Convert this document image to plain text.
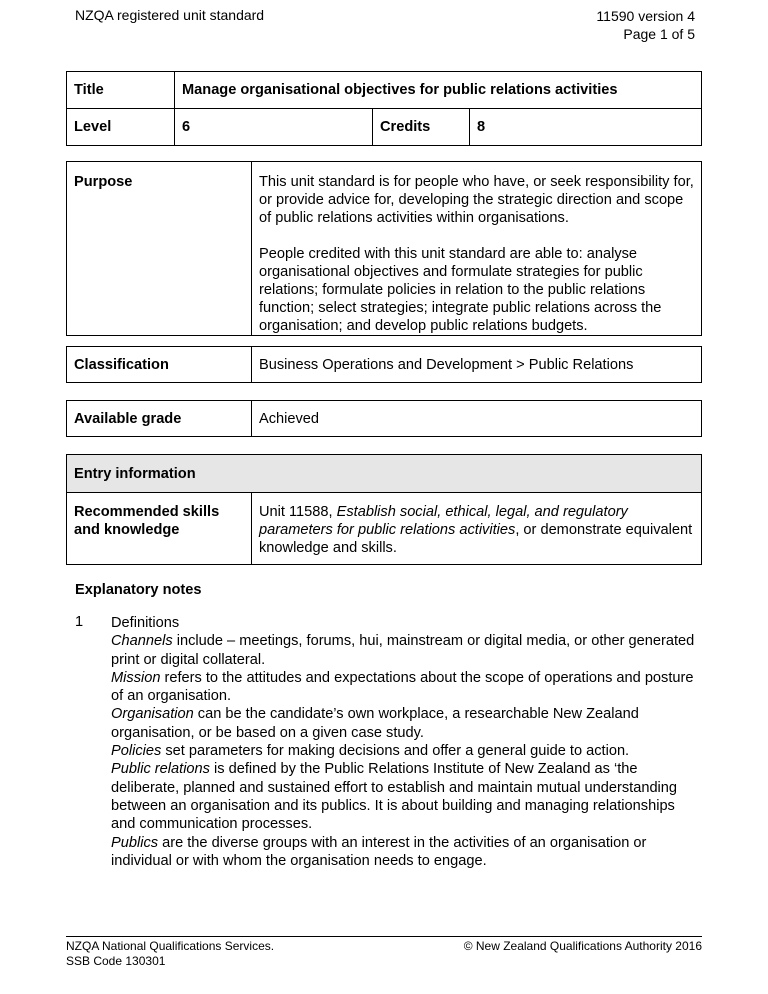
NZQA registered unit standard	11590 version 4
Page 1 of 5
Title	Manage organisational objectives for public relations activities		
Level	6	Credits	8
Purpose	This unit standard is for people who have, or seek responsibility for, or provide advice for, developing the strategic direction and scope of public relations activities within organisations.
People credited with this unit standard are able to: analyse organisational objectives and formulate strategies for public relations; formulate policies in relation to the public relations function; select strategies; integrate public relations across the organisation; and develop public relations budgets.
Classification	Business Operations and Development > Public Relations
Available grade	Achieved
Entry information
Recommended skills and knowledge	Unit 11588, Establish social, ethical, legal, and regulatory parameters for public relations activities, or demonstrate equivalent knowledge and skills.
Explanatory notes
1 Definitions

Channels include – meetings, forums, hui, mainstream or digital media, or other generated print or digital collateral.

Mission refers to the attitudes and expectations about the scope of operations and posture of an organisation.

Organisation can be the candidate’s own workplace, a researchable New Zealand organisation, or be based on a given case study.

Policies set parameters for making decisions and offer a general guide to action.

Public relations is defined by the Public Relations Institute of New Zealand as ‘the deliberate, planned and sustained effort to establish and maintain mutual understanding between an organisation and its publics. It is about building and managing relationships and communication processes.

Publics are the diverse groups with an interest in the activities of an organisation or individual or with whom the organisation needs to engage.

NZQA National Qualifications Services.
SSB Code 130301
© New Zealand Qualifications Authority 2016
